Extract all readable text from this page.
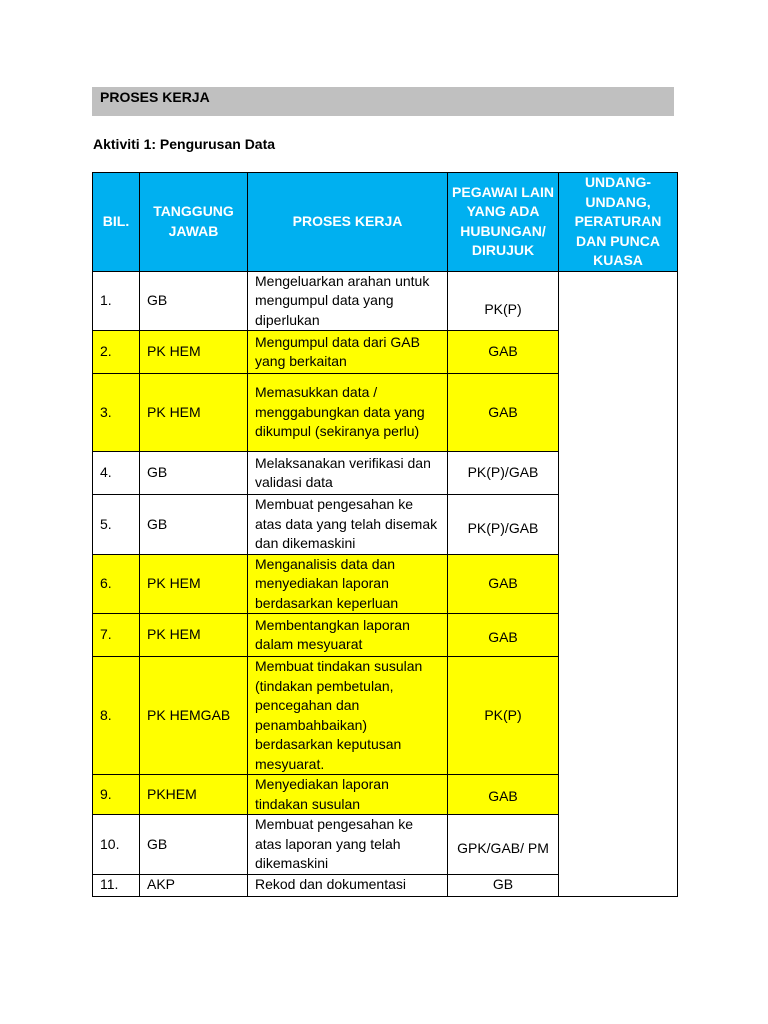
PROSES KERJA
Aktiviti 1: Pengurusan Data
BIL.	TANGGUNG JAWAB	PROSES KERJA	PEGAWAI LAIN YANG ADA HUBUNGAN/ DIRUJUK	UNDANG-UNDANG, PERATURAN DAN PUNCA KUASA
1.	GB	Mengeluarkan arahan untuk mengumpul data yang diperlukan	PK(P)	
2.	PK HEM	Mengumpul data dari GAB yang berkaitan	GAB	
3.	PK HEM	Memasukkan data / menggabungkan data yang dikumpul (sekiranya perlu)	GAB	
4.	GB	Melaksanakan verifikasi dan validasi data	PK(P)/GAB	
5.	GB	Membuat pengesahan ke atas data yang telah disemak dan dikemaskini	PK(P)/GAB	
6.	PK HEM	Menganalisis data dan menyediakan laporan berdasarkan keperluan	GAB	
7.	PK HEM	Membentangkan laporan dalam mesyuarat	GAB	
8.	PK HEMGAB	Membuat tindakan susulan (tindakan pembetulan, pencegahan dan penambahbaikan) berdasarkan keputusan mesyuarat.	PK(P)	
9.	PKHEM	Menyediakan laporan tindakan susulan	GAB	
10.	GB	Membuat pengesahan ke atas laporan yang telah dikemaskini	GPK/GAB/ PM	
11.	AKP	Rekod dan dokumentasi	GB	
